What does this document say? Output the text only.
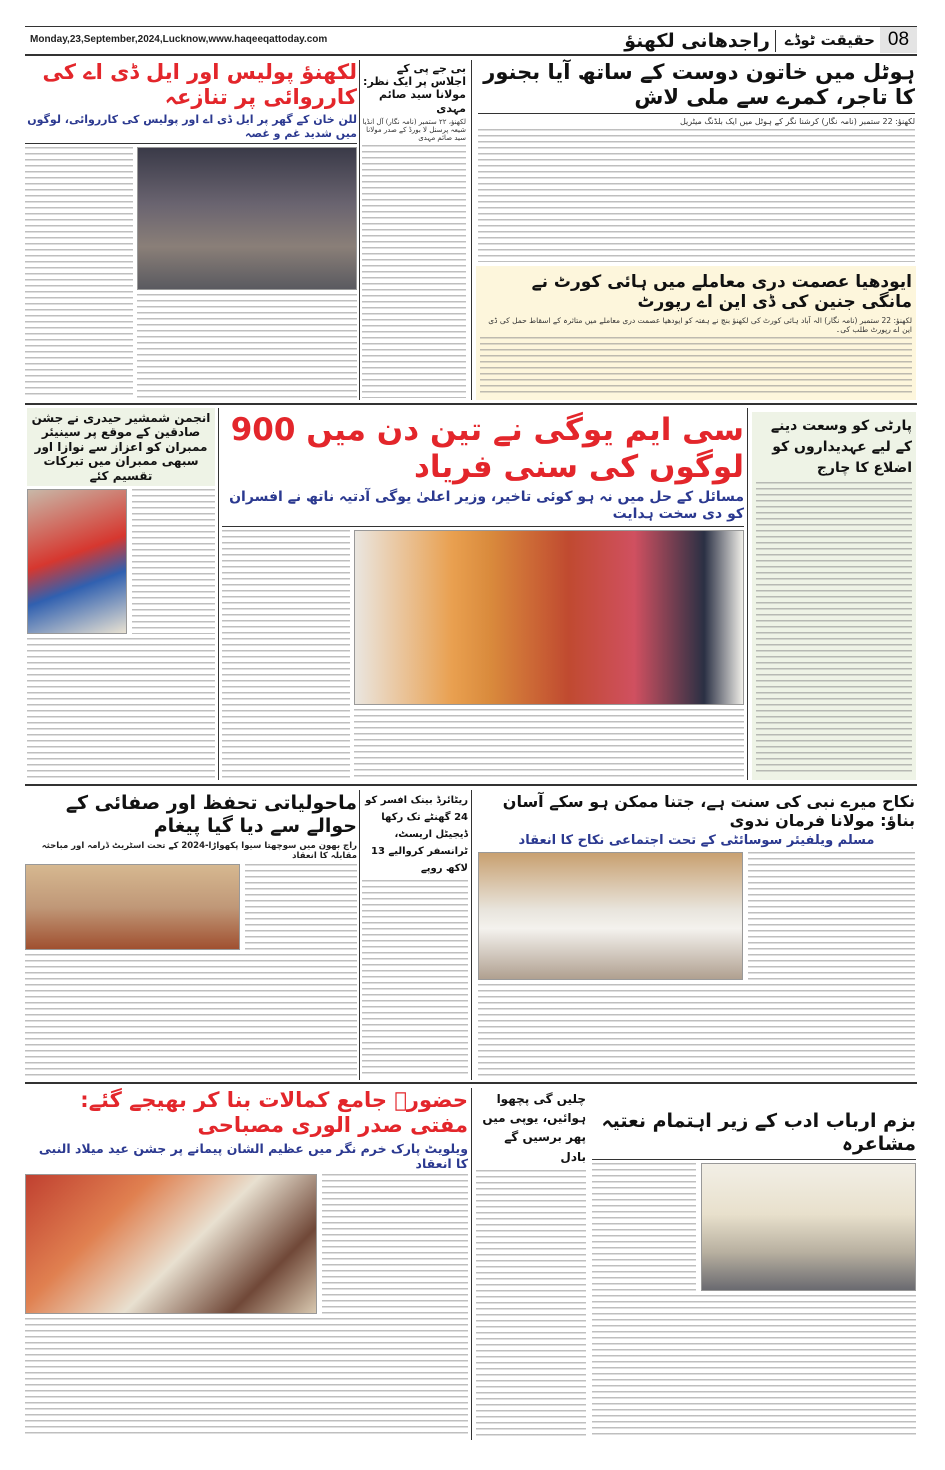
Monday,23,September,2024,Lucknow,www.haqeeqattoday.com	راجدھانی لکھنؤ حقیقت ٹوڈے 08
ہوٹل میں خاتون دوست کے ساتھ آیا بجنور کا تاجر، کمرے سے ملی لاش
لکھنؤ: 22 ستمبر (نامہ نگار) کرشنا نگر کے ہوٹل میں ایک بلڈنگ میٹریل
لکھنؤ پولیس اور ایل ڈی اے کی کارروائی پر تنازعہ
للن خان کے گھر پر ایل ڈی اے اور پولیس کی کارروائی، لوگوں میں شدید غم و غصہ
بی جے پی کے اجلاس پر ایک نظر: مولانا سید صائم مہدی
لکھنؤ، ۲۲ ستمبر (نامہ نگار) آل انڈیا شیعہ پرسنل لا بورڈ کے صدر مولانا سید صائم مہدی
ایودھیا عصمت دری معاملے میں ہائی کورٹ نے مانگی جنین کی ڈی این اے رپورٹ
لکھنؤ: 22 ستمبر (نامہ نگار) الہ آباد ہائی کورٹ کی لکھنؤ بنچ نے ہفتہ کو ایودھیا عصمت دری معاملے میں متاثرہ کے اسقاط حمل کی ڈی این اے رپورٹ طلب کی۔
انجمن شمشیر حیدری نے جشن صادقین کے موقع پر سینیئر ممبران کو اعزاز سے نوازا اور سبھی ممبران میں تبرکات تقسیم کئے
سی ایم یوگی نے تین دن میں 900 لوگوں کی سنی فریاد
مسائل کے حل میں نہ ہو کوئی تاخیر، وزیر اعلیٰ یوگی آدتیہ ناتھ نے افسران کو دی سخت ہدایت
پارٹی کو وسعت دینے کے لیے عہدیداروں کو اضلاع کا چارج
نکاح میرے نبی کی سنت ہے، جتنا ممکن ہو سکے آسان بناؤ: مولانا فرمان ندوی
مسلم ویلفیئر سوسائٹی کے تحت اجتماعی نکاح کا انعقاد
ماحولیاتی تحفظ اور صفائی کے حوالے سے دیا گیا پیغام
راج بھون میں سوچھتا سیوا پکھواڑا-2024 کے تحت اسٹریٹ ڈرامہ اور مباحثہ مقابلہ کا انعقاد
ریٹائرڈ بینک افسر کو 24 گھنٹے تک رکھا ڈیجیٹل اریسٹ، ٹرانسفر کروالیے 13 لاکھ روپے
حضورؐ جامع کمالات بنا کر بھیجے گئے: مفتی صدر الوری مصباحی
ویلویٹ پارک خرم نگر میں عظیم الشان پیمانے پر جشن عید میلاد النبی کا انعقاد
چلیں گی پچھوا ہوائیں، یوپی میں پھر برسیں گے بادل
بزم ارباب ادب کے زیر اہتمام نعتیہ مشاعرہ
